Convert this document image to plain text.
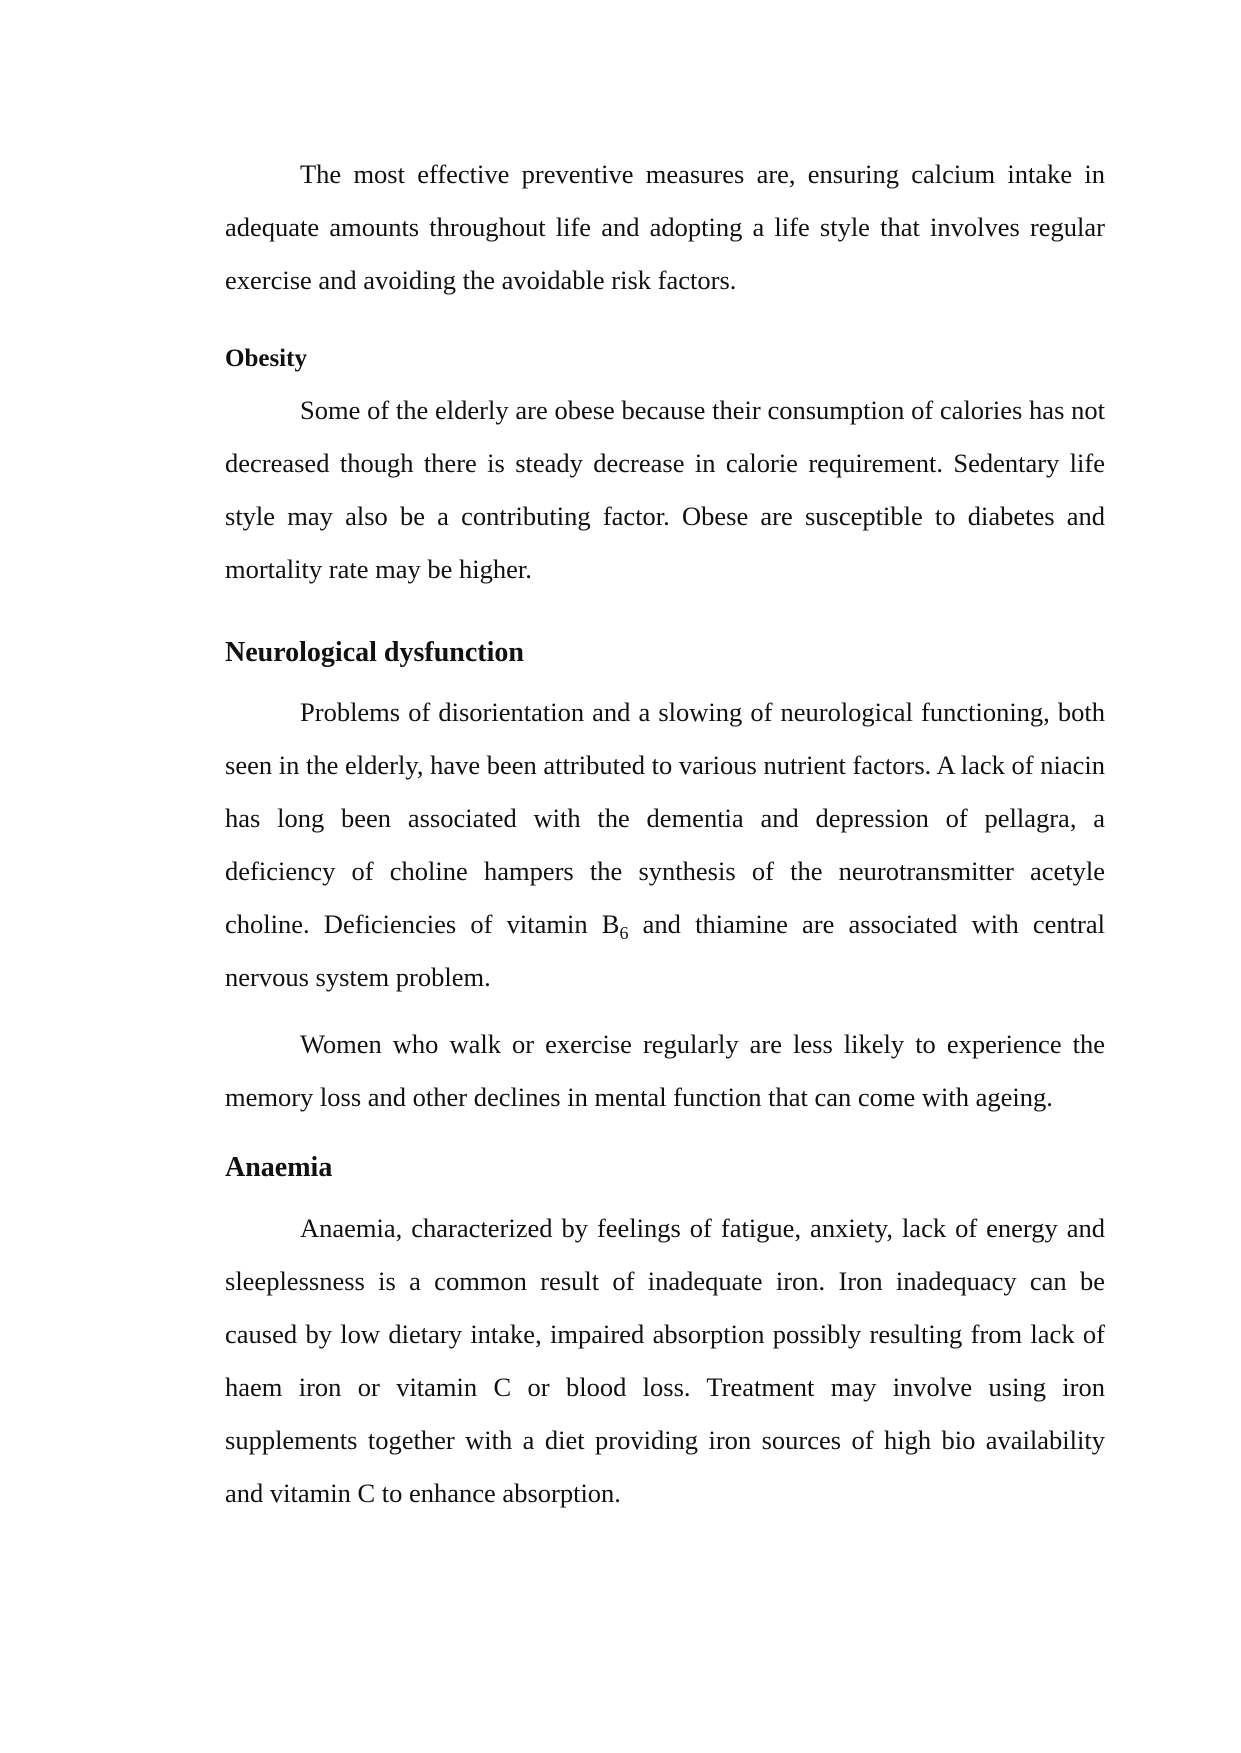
The most effective preventive measures are, ensuring calcium intake in adequate amounts throughout life and adopting a life style that involves regular exercise and avoiding the avoidable risk factors.

Obesity

Some of the elderly are obese because their consumption of calories has not decreased though there is steady decrease in calorie requirement. Sedentary life style may also be a contributing factor. Obese are susceptible to diabetes and mortality rate may be higher.

Neurological dysfunction

Problems of disorientation and a slowing of neurological functioning, both seen in the elderly, have been attributed to various nutrient factors. A lack of niacin has long been associated with the dementia and depression of pellagra, a deficiency of choline hampers the synthesis of the neurotransmitter acetyle choline. Deficiencies of vitamin $B_6$ and thiamine are associated with central nervous system problem.

Women who walk or exercise regularly are less likely to experience the memory loss and other declines in mental function that can come with ageing.

Anaemia

Anaemia, characterized by feelings of fatigue, anxiety, lack of energy and sleeplessness is a common result of inadequate iron. Iron inadequacy can be caused by low dietary intake, impaired absorption possibly resulting from lack of haem iron or vitamin C or blood loss. Treatment may involve using iron supplements together with a diet providing iron sources of high bio availability and vitamin C to enhance absorption.
